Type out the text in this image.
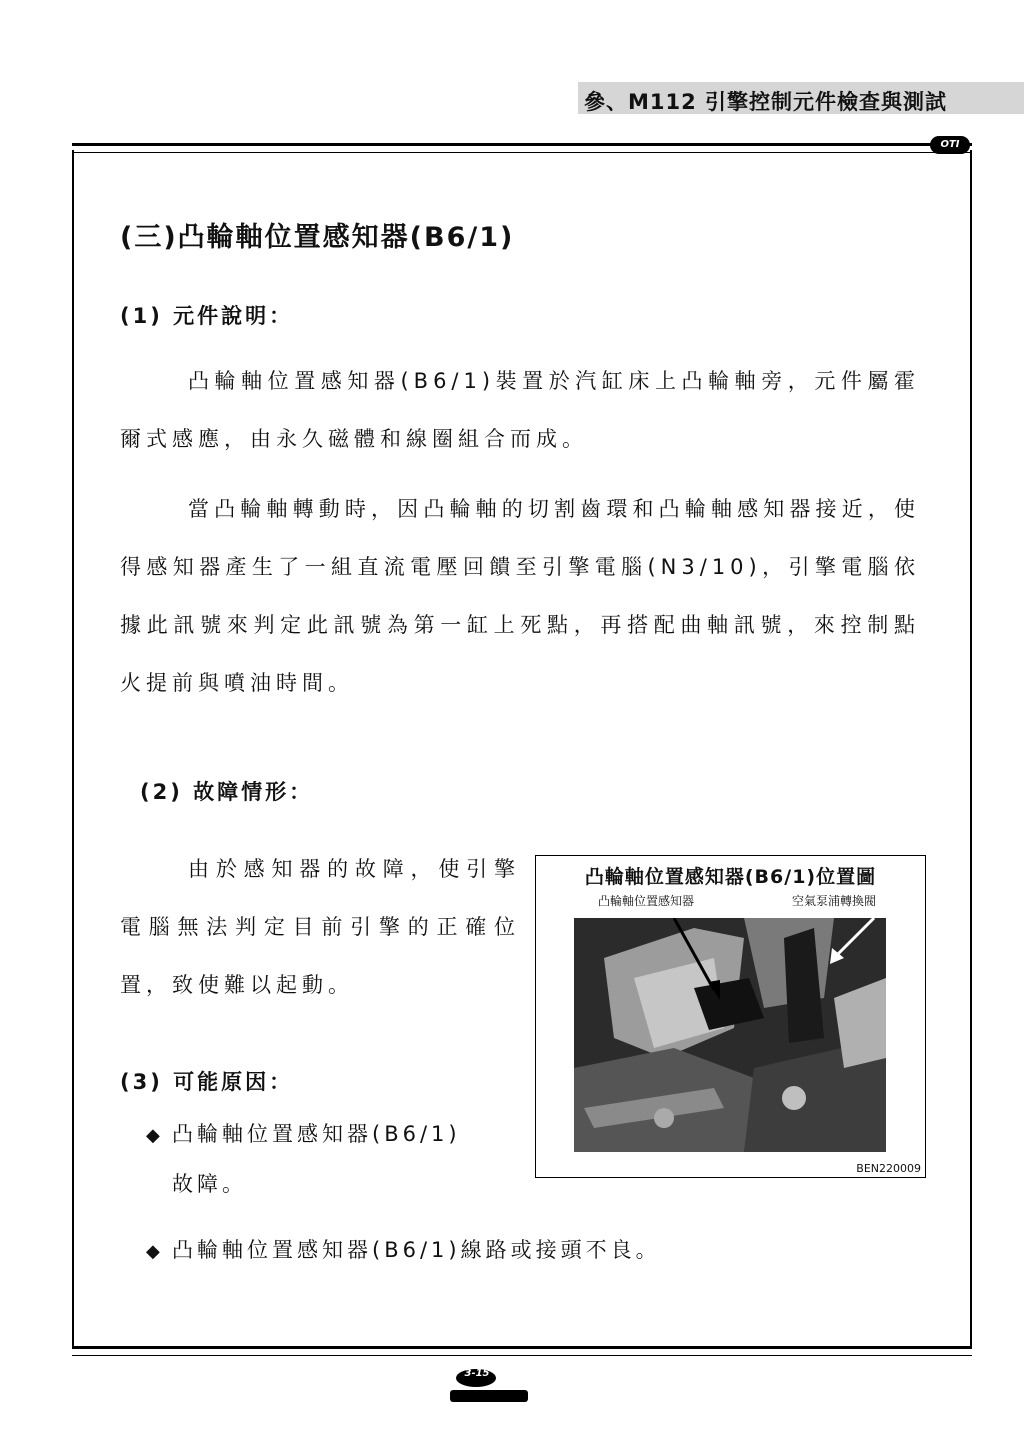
參、M112 引擎控制元件檢查與測試
OTI
(三)凸輪軸位置感知器(B6/1)
(1) 元件說明：

凸輪軸位置感知器(B6/1)裝置於汽缸床上凸輪軸旁，元件屬霍爾式感應，由永久磁體和線圈組合而成。

當凸輪軸轉動時，因凸輪軸的切割齒環和凸輪軸感知器接近，使得感知器產生了一組直流電壓回饋至引擎電腦(N3/10)，引擎電腦依據此訊號來判定此訊號為第一缸上死點，再搭配曲軸訊號，來控制點火提前與噴油時間。

(2) 故障情形：

由於感知器的故障，使引擎電腦無法判定目前引擎的正確位置，致使難以起動。

(3) 可能原因：
◆ 凸輪軸位置感知器(B6/1)
故障。
◆ 凸輪軸位置感知器(B6/1)線路或接頭不良。
凸輪軸位置感知器(B6/1)位置圖
凸輪軸位置感知器	空氣泵浦轉換閥
BEN220009
3-15
